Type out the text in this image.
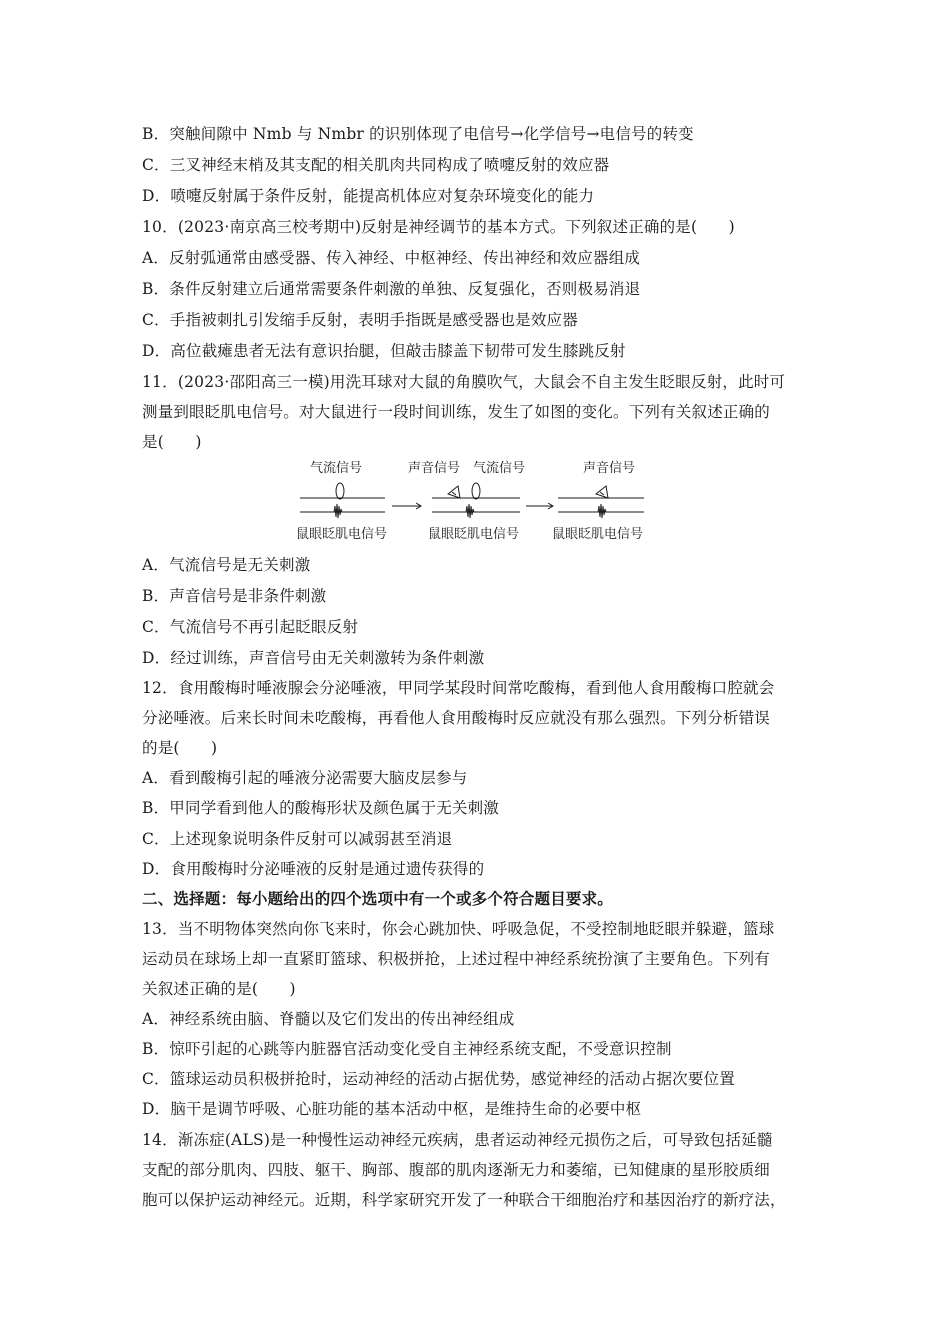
B．突触间隙中 Nmb 与 Nmbr 的识别体现了电信号→化学信号→电信号的转变
C．三叉神经末梢及其支配的相关肌肉共同构成了喷嚏反射的效应器
D．喷嚏反射属于条件反射，能提高机体应对复杂环境变化的能力
10．(2023·南京高三校考期中)反射是神经调节的基本方式。下列叙述正确的是(　　)
A．反射弧通常由感受器、传入神经、中枢神经、传出神经和效应器组成
B．条件反射建立后通常需要条件刺激的单独、反复强化，否则极易消退
C．手指被刺扎引发缩手反射，表明手指既是感受器也是效应器
D．高位截瘫患者无法有意识抬腿，但敲击膝盖下韧带可发生膝跳反射
11．(2023·邵阳高三一模)用洗耳球对大鼠的角膜吹气，大鼠会不自主发生眨眼反射，此时可
测量到眼眨肌电信号。对大鼠进行一段时间训练，发生了如图的变化。下列有关叙述正确的
是(　　)
气流信号
鼠眼眨肌电信号
声音信号 气流信号
鼠眼眨肌电信号
声音信号
鼠眼眨肌电信号
A．气流信号是无关刺激
B．声音信号是非条件刺激
C．气流信号不再引起眨眼反射
D．经过训练，声音信号由无关刺激转为条件刺激
12．食用酸梅时唾液腺会分泌唾液，甲同学某段时间常吃酸梅，看到他人食用酸梅口腔就会
分泌唾液。后来长时间未吃酸梅，再看他人食用酸梅时反应就没有那么强烈。下列分析错误
的是(　　)
A．看到酸梅引起的唾液分泌需要大脑皮层参与
B．甲同学看到他人的酸梅形状及颜色属于无关刺激
C．上述现象说明条件反射可以减弱甚至消退
D．食用酸梅时分泌唾液的反射是通过遗传获得的
二、选择题：每小题给出的四个选项中有一个或多个符合题目要求。
13．当不明物体突然向你飞来时，你会心跳加快、呼吸急促，不受控制地眨眼并躲避，篮球
运动员在球场上却一直紧盯篮球、积极拼抢，上述过程中神经系统扮演了主要角色。下列有
关叙述正确的是(　　)
A．神经系统由脑、脊髓以及它们发出的传出神经组成
B．惊吓引起的心跳等内脏器官活动变化受自主神经系统支配，不受意识控制
C．篮球运动员积极拼抢时，运动神经的活动占据优势，感觉神经的活动占据次要位置
D．脑干是调节呼吸、心脏功能的基本活动中枢，是维持生命的必要中枢
14．渐冻症(ALS)是一种慢性运动神经元疾病，患者运动神经元损伤之后，可导致包括延髓
支配的部分肌肉、四肢、躯干、胸部、腹部的肌肉逐渐无力和萎缩，已知健康的星形胶质细
胞可以保护运动神经元。近期，科学家研究开发了一种联合干细胞治疗和基因治疗的新疗法，
